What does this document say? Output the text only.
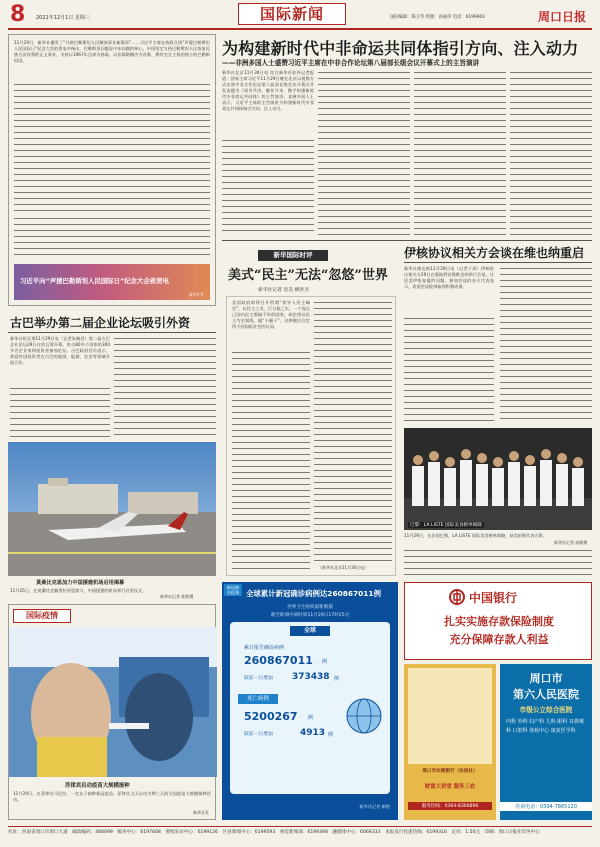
8 2021年12月1日 星期三	国际新闻	国际编辑：陈卫华 组版：孙丽萍 电话：6199903	周口日报
11月29日，新华社播发了“开辟巴勒斯坦人民解放事业新篇章”……习近平主席在致联合国“声援巴勒斯坦人民国际日”纪念大会的贺电中指出，巴勒斯坦问题是中东问题的核心。中国坚定支持巴勒斯坦人民恢复民族合法权利的正义事业，支持以1967年边界为基础、以东耶路撒冷为首都、拥有完全主权的独立的巴勒斯坦国。
习近平向“声援巴勒斯坦人民国际日”纪念大会致贺电
新华社发
为构建新时代中非命运共同体指引方向、注入动力
——非洲多国人士盛赞习近平主席在中非合作论坛第八届部长级会议开幕式上的主旨演讲
新华社北京11月30日电 综合新华社驻外记者报道：国家主席习近平11月29日晚在北京以视频方式出席中非合作论坛第八届部长级会议开幕式并发表题为《同舟共济，继往开来，携手构建新时代中非命运共同体》的主旨演讲。非洲多国人士表示，习近平主席的主旨演讲为构建新时代中非命运共同体指引方向、注入动力。
新华国际时评
美式“民主”无法“忽悠”世界
新华社记者 容昊 柳洪杰
美国政府即将召开所谓“领导人民主峰会”，以民主之名，行分裂之实。一个连自己国内民主都搞不好的国家，却企图以民主为名划线，搞“小圈子”，这种做法注定得不到国际社会的认同。
（新华社北京11月30日电）
古巴举办第二届企业论坛吸引外资
新华社哈瓦那11月29日电（记者朱婉君）第二届古巴企业论坛29日在哈瓦那开幕。来自80多个国家的300多名企业家和投资者参加论坛。古巴政府官员表示，欢迎外国投资者在古巴的旅游、能源、农业等领域开展合作。
莫桑比克恩加力中国援建机场启用揭幕
11月25日，在莫桑比克楠普拉省恩加力，中国援建的机场举行启用仪式。
新华社记者 陈程摄
伊核协议相关方会谈在维也纳重启
新华社维也纳11月29日电（记者于涛）伊核协议相关方29日在奥地利首都维也纳举行会谈，讨论美伊恢复履约问题。参加会谈的各方代表表示，希望会谈能够取得积极成果。
巴黎：LA LISTE 国际美食榜单揭晓
11月29日，在法国巴黎，LA LISTE 国际美食榜单揭晓，获奖厨师代表合影。
新华社记者 高静摄
国际疫情
苏律宾启动疫苗大规模接种
11月29日，在菲律宾马尼拉，一名女子接种新冠疫苗。菲律宾当天启动为期三天的全国疫苗大规模接种活动。
新华社发
新冠肺炎疫情 全球累计新冠确诊病例达260867011例
世界卫生组织最新数据
截至欧洲中部时间11月29日17时25分
全球
累计报告确诊病例
260867011 例
较前一日增加 373438 例
死亡病例
5200267 例
较前一日增加	4913 例
新华社记者 制图
中国银行
扎实实施存款保险制度
充分保障存款人利益
周口市农商银行（农信社）
财富大讲堂 服务三农
服务热线：0394-8306896
周口市
第六人民医院
市级公立综合医院
内科 外科 妇产科 儿科 眼科 耳鼻喉科 口腔科 体检中心 康复医学科
咨询电话：0394-7865120
社址：河南省周口市周口大道　邮政编码：466099　编务中心：6197608　要闻采访中心：6199126　区县新闻中心：6199593　视觉新闻部：6199398　融媒体中心：6069333　本报发行投递热线：6199316　定价：1.50元　印刷：周口日报社印务中心
